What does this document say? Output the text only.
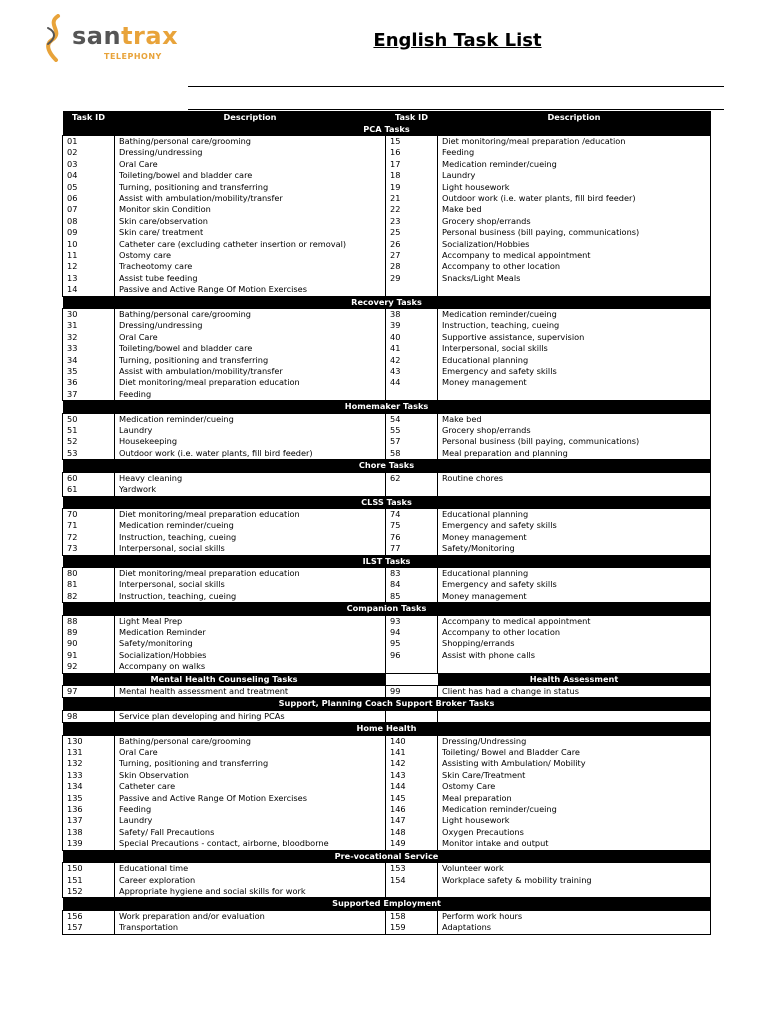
santrax
TELEPHONY
English Task List
Task ID	Description	Task ID	Description
PCA Tasks			
01	Bathing/personal care/grooming	15	Diet monitoring/meal preparation /education
02	Dressing/undressing	16	Feeding
03	Oral Care	17	Medication reminder/cueing
04	Toileting/bowel and bladder care	18	Laundry
05	Turning, positioning and transferring	19	Light housework
06	Assist with ambulation/mobility/transfer	21	Outdoor work (i.e. water plants, fill bird feeder)
07	Monitor skin Condition	22	Make bed
08	Skin care/observation	23	Grocery shop/errands
09	Skin care/ treatment	25	Personal business (bill paying, communications)
10	Catheter care (excluding catheter insertion or removal)	26	Socialization/Hobbies
11	Ostomy care	27	Accompany to medical appointment
12	Tracheotomy care	28	Accompany to other location
13	Assist tube feeding	29	Snacks/Light Meals
14	Passive and Active Range Of Motion Exercises		
Recovery Tasks			
30	Bathing/personal care/grooming	38	Medication reminder/cueing
31	Dressing/undressing	39	Instruction, teaching, cueing
32	Oral Care	40	Supportive assistance, supervision
33	Toileting/bowel and bladder care	41	Interpersonal, social skills
34	Turning, positioning and transferring	42	Educational planning
35	Assist with ambulation/mobility/transfer	43	Emergency and safety skills
36	Diet monitoring/meal preparation education	44	Money management
37	Feeding		
Homemaker Tasks			
50	Medication reminder/cueing	54	Make bed
51	Laundry	55	Grocery shop/errands
52	Housekeeping	57	Personal business (bill paying, communications)
53	Outdoor work (i.e. water plants, fill bird feeder)	58	Meal preparation and planning
Chore Tasks			
60	Heavy cleaning	62	Routine chores
61	Yardwork		
CLSS Tasks			
70	Diet monitoring/meal preparation education	74	Educational planning
71	Medication reminder/cueing	75	Emergency and safety skills
72	Instruction, teaching, cueing	76	Money management
73	Interpersonal, social skills	77	Safety/Monitoring
ILST Tasks			
80	Diet monitoring/meal preparation education	83	Educational planning
81	Interpersonal, social skills	84	Emergency and safety skills
82	Instruction, teaching, cueing	85	Money management
Companion Tasks			
88	Light Meal Prep	93	Accompany to medical appointment
89	Medication Reminder	94	Accompany to other location
90	Safety/monitoring	95	Shopping/errands
91	Socialization/Hobbies	96	Assist with phone calls
92	Accompany on walks		
Mental Health Counseling Tasks			Health Assessment
97	Mental health assessment and treatment	99	Client has had a change in status
Support, Planning Coach Support Broker Tasks			
98	Service plan developing and hiring PCAs		
Home Health			
130	Bathing/personal care/grooming	140	Dressing/Undressing
131	Oral Care	141	Toileting/ Bowel and Bladder Care
132	Turning, positioning and transferring	142	Assisting with Ambulation/ Mobility
133	Skin Observation	143	Skin Care/Treatment
134	Catheter care	144	Ostomy Care
135	Passive and Active Range Of Motion Exercises	145	Meal preparation
136	Feeding	146	Medication reminder/cueing
137	Laundry	147	Light housework
138	Safety/ Fall Precautions	148	Oxygen Precautions
139	Special Precautions - contact, airborne, bloodborne	149	Monitor intake and output
Pre-vocational Service			
150	Educational time	153	Volunteer work
151	Career exploration	154	Workplace safety & mobility training
152	Appropriate hygiene and social skills for work		
Supported Employment			
156	Work preparation and/or evaluation	158	Perform work hours
157	Transportation	159	Adaptations
